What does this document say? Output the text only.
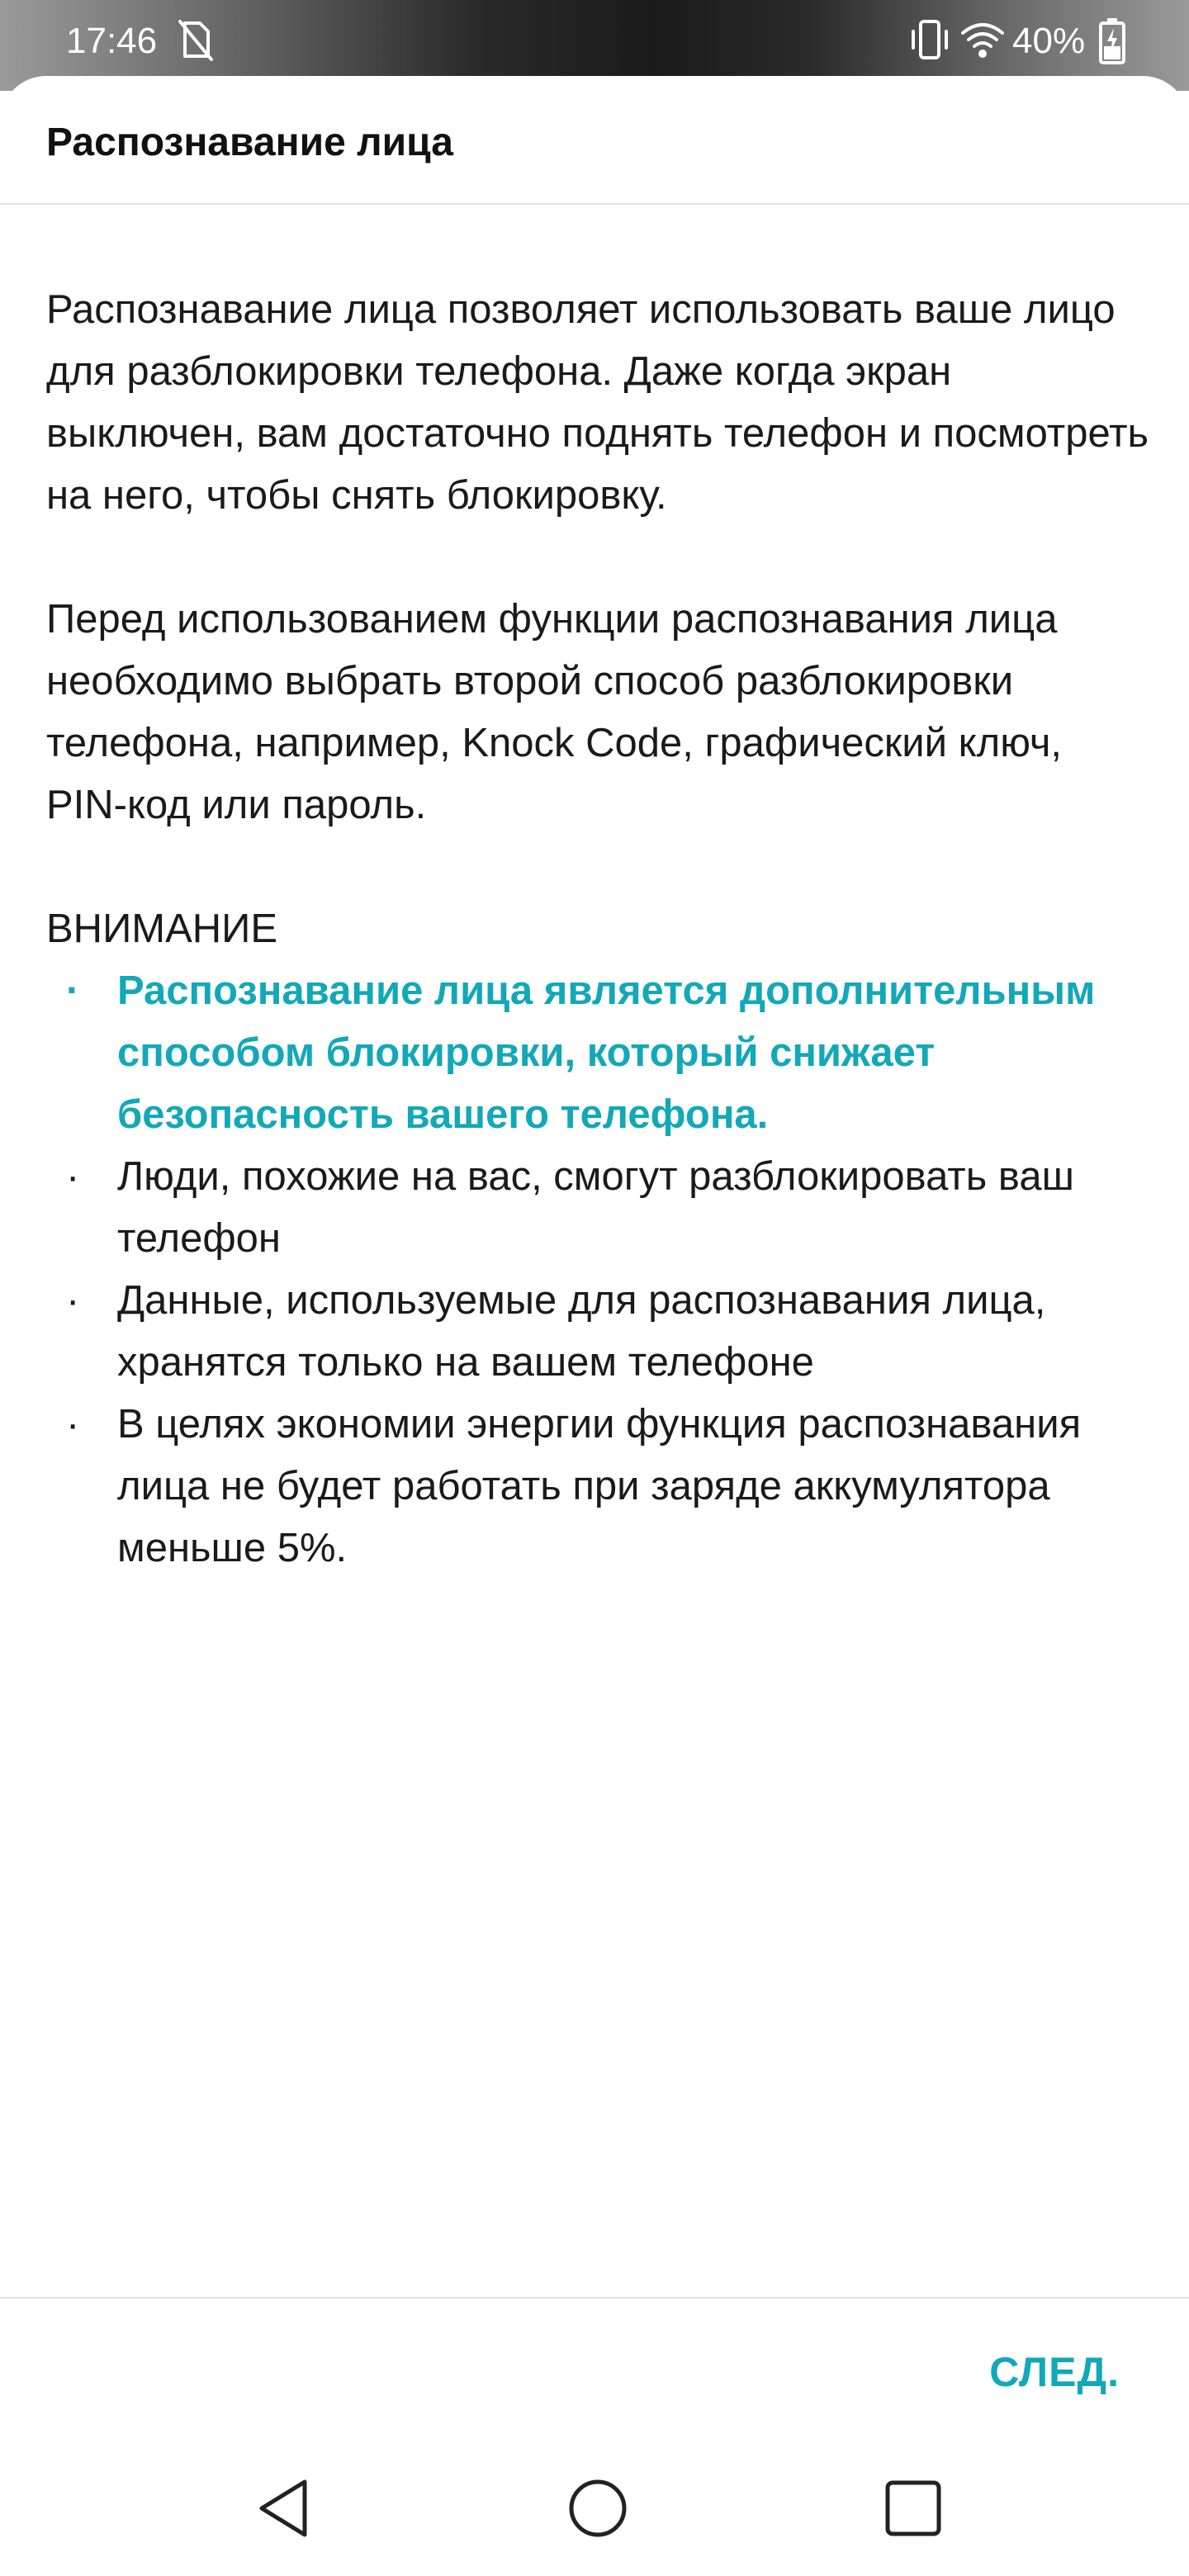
17:46	40%
Распознавание лица

Распознавание лица позволяет использовать ваше лицо для разблокировки телефона. Даже когда экран выключен, вам достаточно поднять телефон и посмотреть на него, чтобы снять блокировку.

Перед использованием функции распознавания лица необходимо выбрать второй способ разблокировки телефона, например, Knock Code, графический ключ, PIN-код или пароль.

ВНИМАНИЕ
· Распознавание лица является дополнительным способом блокировки, который снижает безопасность вашего телефона.
· Люди, похожие на вас, смогут разблокировать ваш телефон
· Данные, используемые для распознавания лица, хранятся только на вашем телефоне
· В целях экономии энергии функция распознавания лица не будет работать при заряде аккумулятора меньше 5%.
СЛЕД.
